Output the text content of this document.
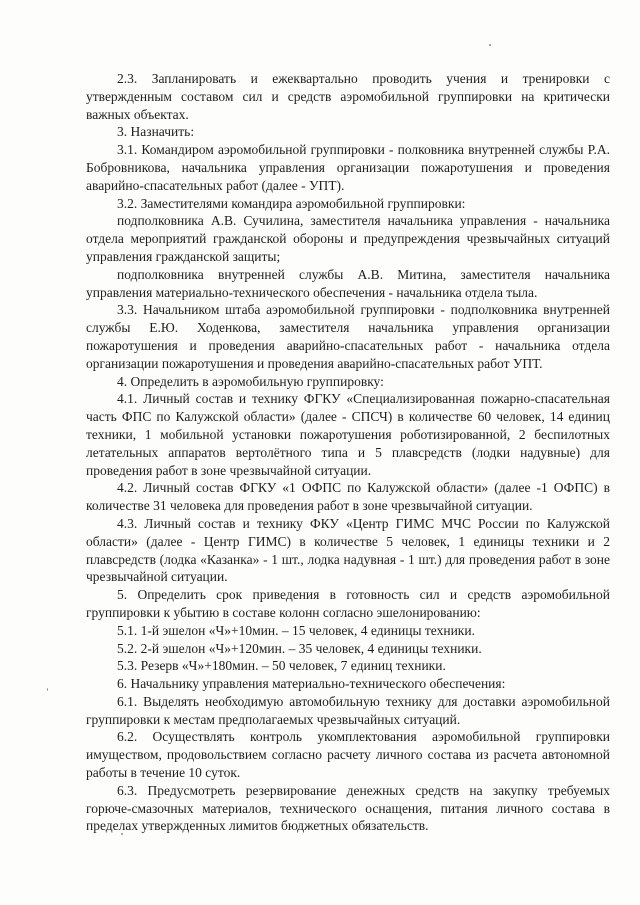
2.3. Запланировать и ежеквартально проводить учения и тренировки с утвержденным составом сил и средств аэромобильной группировки на критически важных объектах.

3. Назначить:

3.1. Командиром аэромобильной группировки - полковника внутренней службы Р.А. Бобровникова, начальника управления организации пожаротушения и проведения аварийно-спасательных работ (далее - УПТ).

3.2. Заместителями командира аэромобильной группировки:

подполковника А.В. Сучилина, заместителя начальника управления - начальника отдела мероприятий гражданской обороны и предупреждения чрезвычайных ситуаций управления гражданской защиты;

подполковника внутренней службы А.В. Митина, заместителя начальника управления материально-технического обеспечения - начальника отдела тыла.

3.3. Начальником штаба аэромобильной группировки - подполковника внутренней службы Е.Ю. Ходенкова, заместителя начальника управления организации пожаротушения и проведения аварийно-спасательных работ - начальника отдела организации пожаротушения и проведения аварийно-спасательных работ УПТ.

4. Определить в аэромобильную группировку:

4.1. Личный состав и технику ФГКУ «Специализированная пожарно-спасательная часть ФПС по Калужской области» (далее - СПСЧ) в количестве 60 человек, 14 единиц техники, 1 мобильной установки пожаротушения роботизированной, 2 беспилотных летательных аппаратов вертолётного типа и 5 плавсредств (лодки надувные) для проведения работ в зоне чрезвычайной ситуации.

4.2. Личный состав ФГКУ «1 ОФПС по Калужской области» (далее -1 ОФПС) в количестве 31 человека для проведения работ в зоне чрезвычайной ситуации.

4.3. Личный состав и технику ФКУ «Центр ГИМС МЧС России по Калужской области» (далее - Центр ГИМС) в количестве 5 человек, 1 единицы техники и 2 плавсредств (лодка «Казанка» - 1 шт., лодка надувная - 1 шт.) для проведения работ в зоне чрезвычайной ситуации.

5. Определить срок приведения в готовность сил и средств аэромобильной группировки к убытию в составе колонн согласно эшелонированию:

5.1. 1-й эшелон «Ч»+10мин. – 15 человек, 4 единицы техники.

5.2. 2-й эшелон «Ч»+120мин. – 35 человек, 4 единицы техники.

5.3. Резерв «Ч»+180мин. – 50 человек, 7 единиц техники.

6. Начальнику управления материально-технического обеспечения:

6.1. Выделять необходимую автомобильную технику для доставки аэромобильной группировки к местам предполагаемых чрезвычайных ситуаций.

6.2. Осуществлять контроль укомплектования аэромобильной группировки имуществом, продовольствием согласно расчету личного состава из расчета автономной работы в течение 10 суток.

6.3. Предусмотреть резервирование денежных средств на закупку требуемых горюче-смазочных материалов, технического оснащения, питания личного состава в пределах утвержденных лимитов бюджетных обязательств.
